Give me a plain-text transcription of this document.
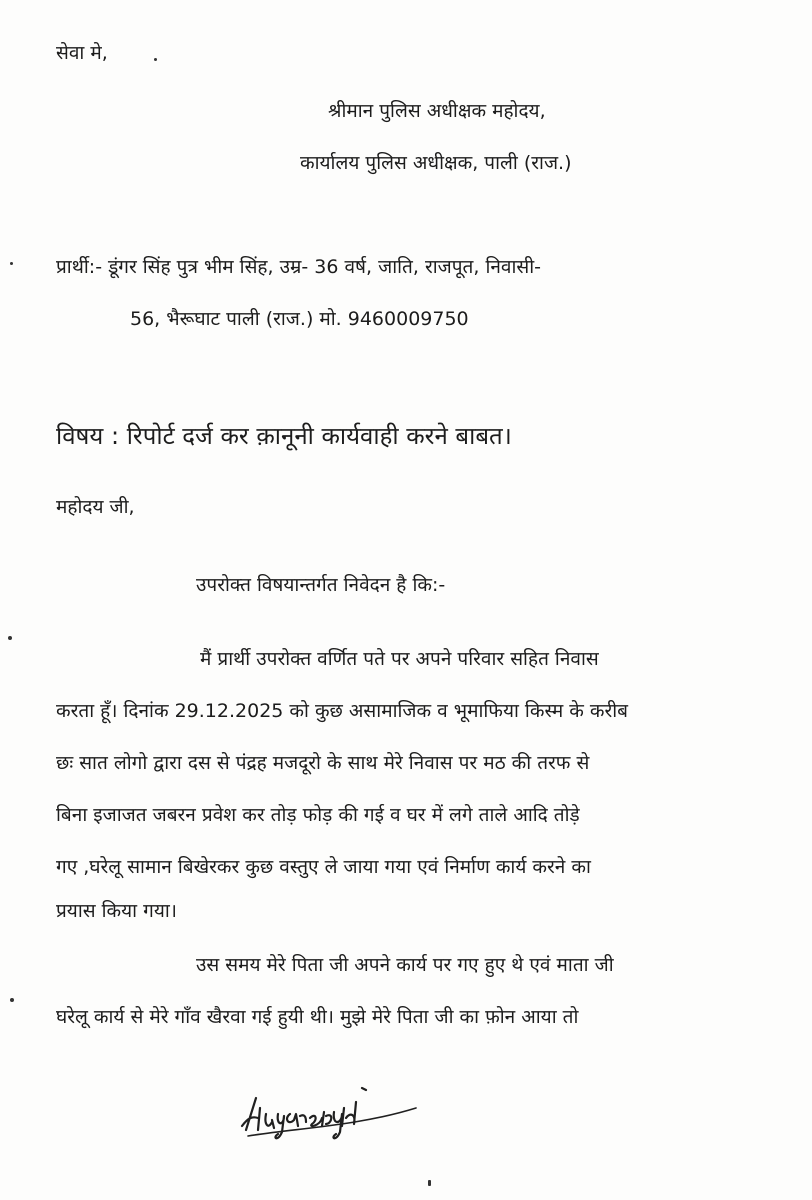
सेवा मे,
श्रीमान पुलिस अधीक्षक महोदय,
कार्यालय पुलिस अधीक्षक, पाली (राज.)
प्रार्थी:- डूंगर सिंह पुत्र भीम सिंह, उम्र- 36 वर्ष, जाति, राजपूत, निवासी-
56, भैरूघाट पाली (राज.) मो. 9460009750
विषय : रिपोर्ट दर्ज कर क़ानूनी कार्यवाही करने बाबत।
महोदय जी,
उपरोक्त विषयान्तर्गत निवेदन है कि:-
मैं प्रार्थी उपरोक्त वर्णित पते पर अपने परिवार सहित निवास
करता हूँ। दिनांक 29.12.2025 को कुछ असामाजिक व भूमाफिया किस्म के करीब
छः सात लोगो द्वारा दस से पंद्रह मजदूरो के साथ मेरे निवास पर मठ की तरफ से
बिना इजाजत जबरन प्रवेश कर तोड़ फोड़ की गई व घर में लगे ताले आदि तोड़े
गए ,घरेलू सामान बिखेरकर कुछ वस्तुए ले जाया गया एवं निर्माण कार्य करने का
प्रयास किया गया।
उस समय मेरे पिता जी अपने कार्य पर गए हुए थे एवं माता जी
घरेलू कार्य से मेरे गाँव खैरवा गई हुयी थी। मुझे मेरे पिता जी का फ़ोन आया तो
